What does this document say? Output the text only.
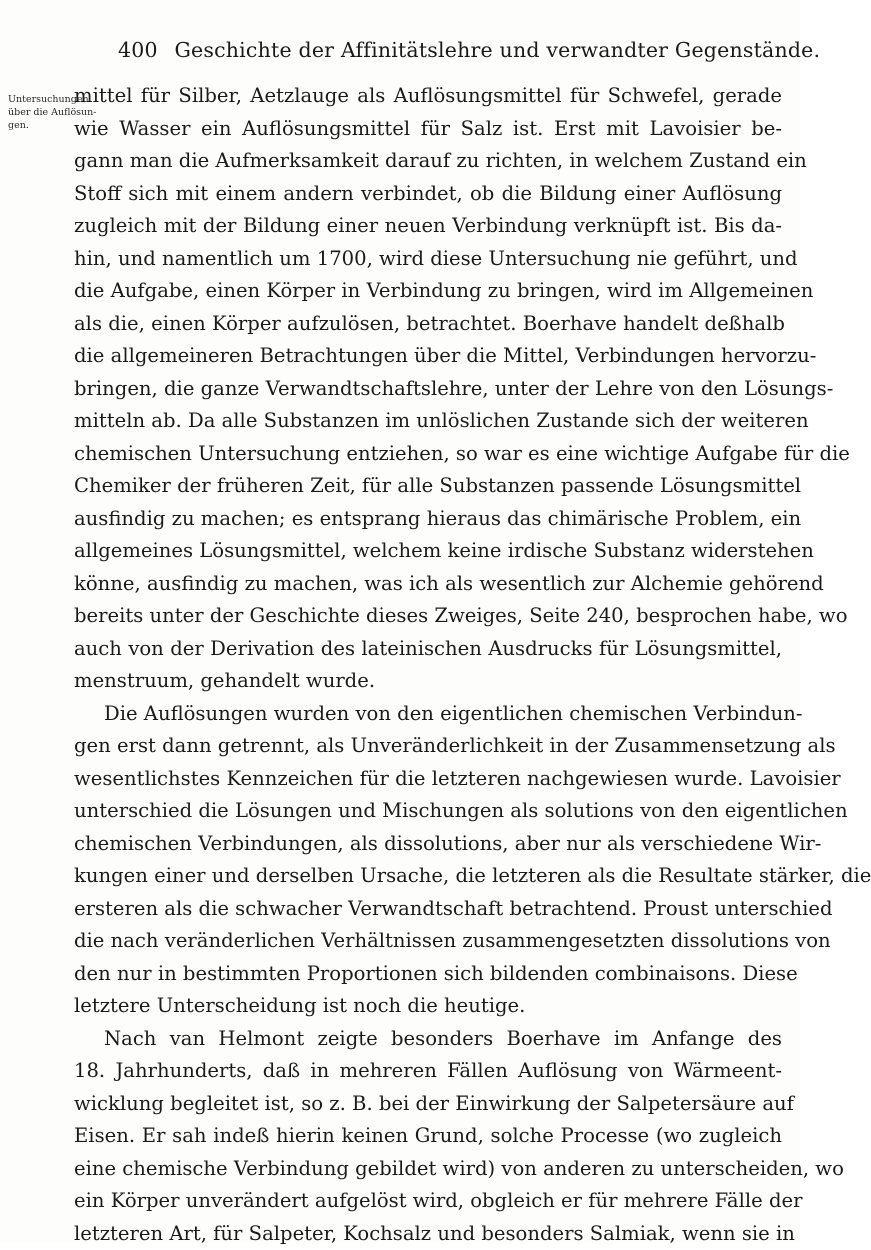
400 Geschichte der Affinitätslehre und verwandter Gegenstände.
Untersuchungen
über die Auflösun-
gen.
mittel für Silber, Aetzlauge als Auflösungsmittel für Schwefel, gerade
wie Wasser ein Auflösungsmittel für Salz ist. Erst mit Lavoisier be-
gann man die Aufmerksamkeit darauf zu richten, in welchem Zustand ein
Stoff sich mit einem andern verbindet, ob die Bildung einer Auflösung
zugleich mit der Bildung einer neuen Verbindung verknüpft ist. Bis da-
hin, und namentlich um 1700, wird diese Untersuchung nie geführt, und
die Aufgabe, einen Körper in Verbindung zu bringen, wird im Allgemeinen
als die, einen Körper aufzulösen, betrachtet. Boerhave handelt deßhalb
die allgemeineren Betrachtungen über die Mittel, Verbindungen hervorzu-
bringen, die ganze Verwandtschaftslehre, unter der Lehre von den Lösungs-
mitteln ab. Da alle Substanzen im unlöslichen Zustande sich der weiteren
chemischen Untersuchung entziehen, so war es eine wichtige Aufgabe für die
Chemiker der früheren Zeit, für alle Substanzen passende Lösungsmittel
ausfindig zu machen; es entsprang hieraus das chimärische Problem, ein
allgemeines Lösungsmittel, welchem keine irdische Substanz widerstehen
könne, ausfindig zu machen, was ich als wesentlich zur Alchemie gehörend
bereits unter der Geschichte dieses Zweiges, Seite 240, besprochen habe, wo
auch von der Derivation des lateinischen Ausdrucks für Lösungsmittel,
menstruum, gehandelt wurde.
Die Auflösungen wurden von den eigentlichen chemischen Verbindun-
gen erst dann getrennt, als Unveränderlichkeit in der Zusammensetzung als
wesentlichstes Kennzeichen für die letzteren nachgewiesen wurde. Lavoisier
unterschied die Lösungen und Mischungen als solutions von den eigentlichen
chemischen Verbindungen, als dissolutions, aber nur als verschiedene Wir-
kungen einer und derselben Ursache, die letzteren als die Resultate stärker, die
ersteren als die schwacher Verwandtschaft betrachtend. Proust unterschied
die nach veränderlichen Verhältnissen zusammengesetzten dissolutions von
den nur in bestimmten Proportionen sich bildenden combinaisons. Diese
letztere Unterscheidung ist noch die heutige.
Nach van Helmont zeigte besonders Boerhave im Anfange des
18. Jahrhunderts, daß in mehreren Fällen Auflösung von Wärmeent-
wicklung begleitet ist, so z. B. bei der Einwirkung der Salpetersäure auf
Eisen. Er sah indeß hierin keinen Grund, solche Processe (wo zugleich
eine chemische Verbindung gebildet wird) von anderen zu unterscheiden, wo
ein Körper unverändert aufgelöst wird, obgleich er für mehrere Fälle der
letzteren Art, für Salpeter, Kochsalz und besonders Salmiak, wenn sie in
